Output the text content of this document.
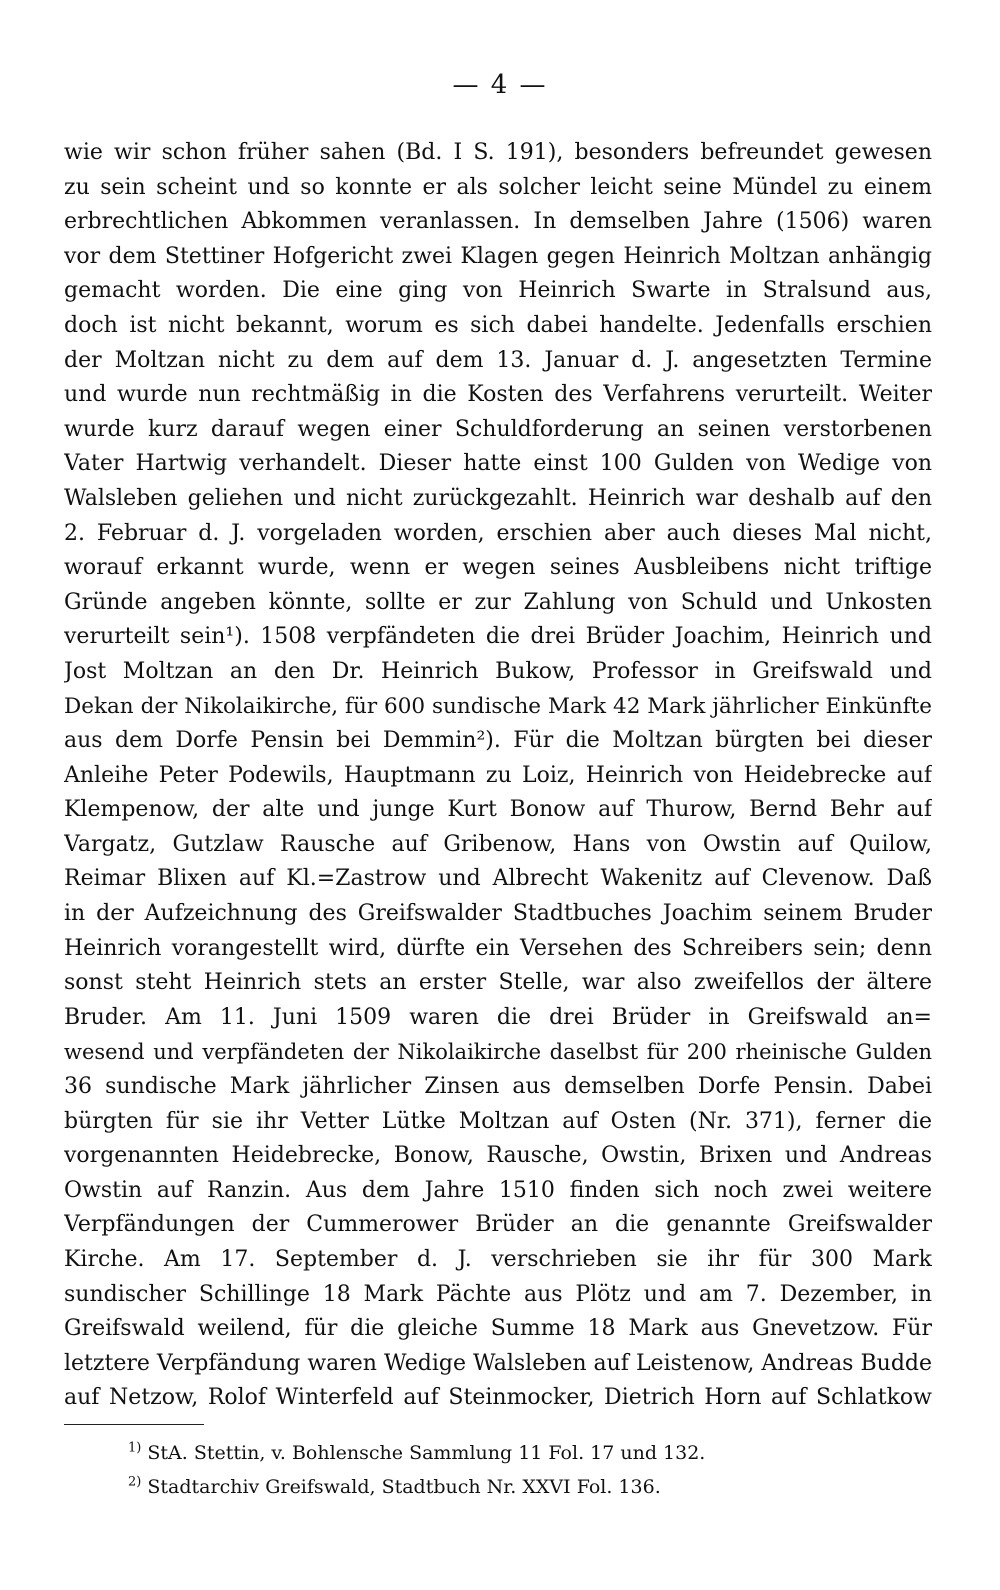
— 4 —
wie wir schon früher sahen (Bd. I S. 191), besonders befreundet gewesen
zu sein scheint und so konnte er als solcher leicht seine Mündel zu einem
erbrechtlichen Abkommen veranlassen. In demselben Jahre (1506) waren
vor dem Stettiner Hofgericht zwei Klagen gegen Heinrich Moltzan anhängig
gemacht worden. Die eine ging von Heinrich Swarte in Stralsund aus,
doch ist nicht bekannt, worum es sich dabei handelte. Jedenfalls erschien
der Moltzan nicht zu dem auf dem 13. Januar d. J. angesetzten Termine
und wurde nun rechtmäßig in die Kosten des Verfahrens verurteilt. Weiter
wurde kurz darauf wegen einer Schuldforderung an seinen verstorbenen
Vater Hartwig verhandelt. Dieser hatte einst 100 Gulden von Wedige von
Walsleben geliehen und nicht zurückgezahlt. Heinrich war deshalb auf den
2. Februar d. J. vorgeladen worden, erschien aber auch dieses Mal nicht,
worauf erkannt wurde, wenn er wegen seines Ausbleibens nicht triftige
Gründe angeben könnte, sollte er zur Zahlung von Schuld und Unkosten
verurteilt sein¹). 1508 verpfändeten die drei Brüder Joachim, Heinrich und
Jost Moltzan an den Dr. Heinrich Bukow, Professor in Greifswald und
Dekan der Nikolaikirche, für 600 sundische Mark 42 Mark jährlicher Einkünfte
aus dem Dorfe Pensin bei Demmin²). Für die Moltzan bürgten bei dieser
Anleihe Peter Podewils, Hauptmann zu Loiz, Heinrich von Heidebrecke auf
Klempenow, der alte und junge Kurt Bonow auf Thurow, Bernd Behr auf
Vargatz, Gutzlaw Rausche auf Gribenow, Hans von Owstin auf Quilow,
Reimar Blixen auf Kl.=Zastrow und Albrecht Wakenitz auf Clevenow. Daß
in der Aufzeichnung des Greifswalder Stadtbuches Joachim seinem Bruder
Heinrich vorangestellt wird, dürfte ein Versehen des Schreibers sein; denn
sonst steht Heinrich stets an erster Stelle, war also zweifellos der ältere
Bruder. Am 11. Juni 1509 waren die drei Brüder in Greifswald an=
wesend und verpfändeten der Nikolaikirche daselbst für 200 rheinische Gulden
36 sundische Mark jährlicher Zinsen aus demselben Dorfe Pensin. Dabei
bürgten für sie ihr Vetter Lütke Moltzan auf Osten (Nr. 371), ferner die
vorgenannten Heidebrecke, Bonow, Rausche, Owstin, Brixen und Andreas
Owstin auf Ranzin. Aus dem Jahre 1510 finden sich noch zwei weitere
Verpfändungen der Cummerower Brüder an die genannte Greifswalder
Kirche. Am 17. September d. J. verschrieben sie ihr für 300 Mark
sundischer Schillinge 18 Mark Pächte aus Plötz und am 7. Dezember, in
Greifswald weilend, für die gleiche Summe 18 Mark aus Gnevetzow. Für
letztere Verpfändung waren Wedige Walsleben auf Leistenow, Andreas Budde
auf Netzow, Rolof Winterfeld auf Steinmocker, Dietrich Horn auf Schlatkow
$^{1)}$ StA. Stettin, v. Bohlensche Sammlung 11 Fol. 17 und 132.
$^{2)}$ Stadtarchiv Greifswald, Stadtbuch Nr. XXVI Fol. 136.
